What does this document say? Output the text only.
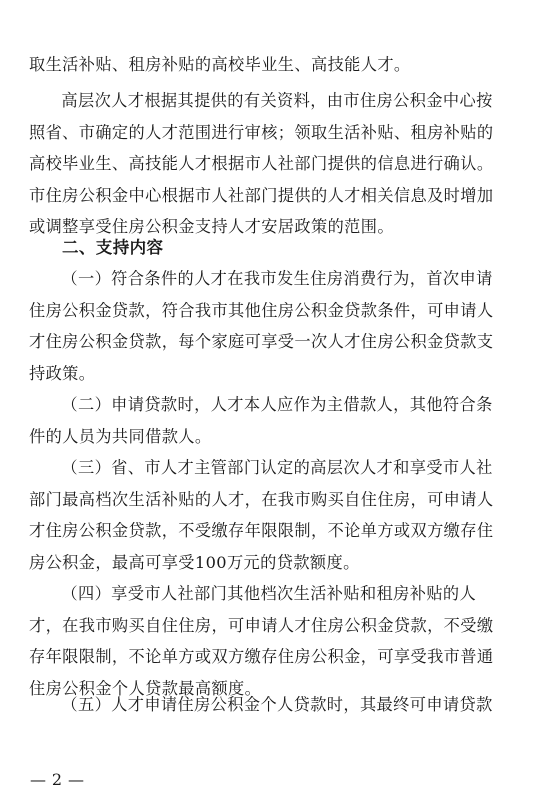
取生活补贴、租房补贴的高校毕业生、高技能人才。

高层次人才根据其提供的有关资料，由市住房公积金中心按照省、市确定的人才范围进行审核；领取生活补贴、租房补贴的高校毕业生、高技能人才根据市人社部门提供的信息进行确认。市住房公积金中心根据市人社部门提供的人才相关信息及时增加或调整享受住房公积金支持人才安居政策的范围。

二、支持内容

（一）符合条件的人才在我市发生住房消费行为，首次申请住房公积金贷款，符合我市其他住房公积金贷款条件，可申请人才住房公积金贷款，每个家庭可享受一次人才住房公积金贷款支持政策。

（二）申请贷款时，人才本人应作为主借款人，其他符合条件的人员为共同借款人。

（三）省、市人才主管部门认定的高层次人才和享受市人社部门最高档次生活补贴的人才，在我市购买自住住房，可申请人才住房公积金贷款，不受缴存年限限制，不论单方或双方缴存住房公积金，最高可享受100万元的贷款额度。

（四）享受市人社部门其他档次生活补贴和租房补贴的人才，在我市购买自住住房，可申请人才住房公积金贷款，不受缴存年限限制，不论单方或双方缴存住房公积金，可享受我市普通住房公积金个人贷款最高额度。

（五）人才申请住房公积金个人贷款时，其最终可申请贷款

— 2 —
